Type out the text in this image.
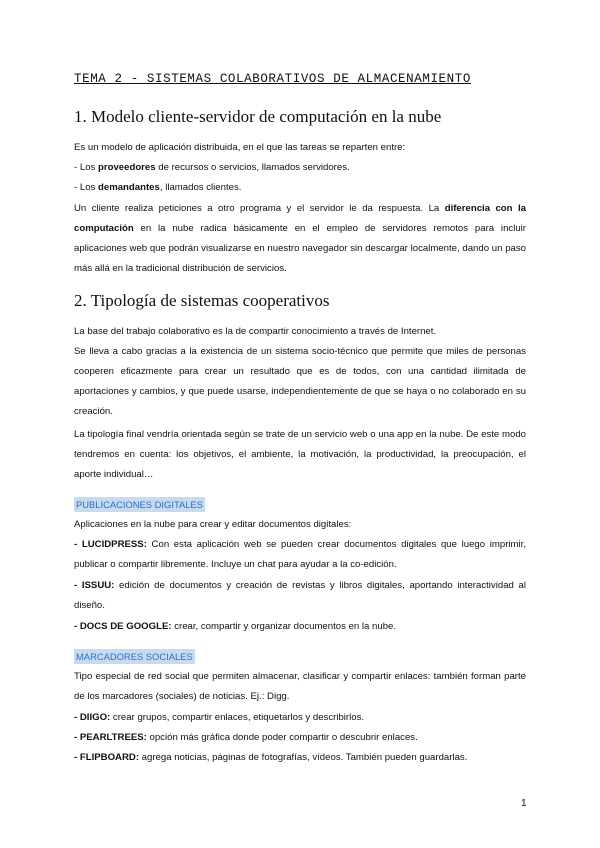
TEMA 2 - SISTEMAS COLABORATIVOS DE ALMACENAMIENTO
1. Modelo cliente-servidor de computación en la nube

Es un modelo de aplicación distribuida, en el que las tareas se reparten entre:

- Los proveedores de recursos o servicios, llamados servidores.

- Los demandantes, llamados clientes.

Un cliente realiza peticiones a otro programa y el servidor le da respuesta. La diferencia con la computación en la nube radica básicamente en el empleo de servidores remotos para incluir aplicaciones web que podrán visualizarse en nuestro navegador sin descargar localmente, dando un paso más allá en la tradicional distribución de servicios.

2. Tipología de sistemas cooperativos

La base del trabajo colaborativo es la de compartir conocimiento a través de Internet.

Se lleva a cabo gracias a la existencia de un sistema socio-técnico que permite que miles de personas cooperen eficazmente para crear un resultado que es de todos, con una cantidad ilimitada de aportaciones y cambios, y que puede usarse, independientemente de que se haya o no colaborado en su creación.

La tipología final vendría orientada según se trate de un servicio web o una app en la nube. De este modo tendremos en cuenta: los objetivos, el ambiente, la motivación, la productividad, la preocupación, el aporte individual…

PUBLICACIONES DIGITALES

Aplicaciones en la nube para crear y editar documentos digitales:

- LUCIDPRESS: Con esta aplicación web se pueden crear documentos digitales que luego imprimir, publicar o compartir libremente. Incluye un chat para ayudar a la co-edición.

- ISSUU: edición de documentos y creación de revistas y libros digitales, aportando interactividad al diseño.

- DOCS DE GOOGLE: crear, compartir y organizar documentos en la nube.

MARCADORES SOCIALES

Tipo especial de red social que permiten almacenar, clasificar y compartir enlaces: también forman parte de los marcadores (sociales) de noticias. Ej.: Digg.

- DIIGO: crear grupos, compartir enlaces, etiquetarlos y describirlos.

- PEARLTREES: opción más gráfica donde poder compartir o descubrir enlaces.

- FLIPBOARD: agrega noticias, páginas de fotografías, vídeos. También pueden guardarlas.

1
